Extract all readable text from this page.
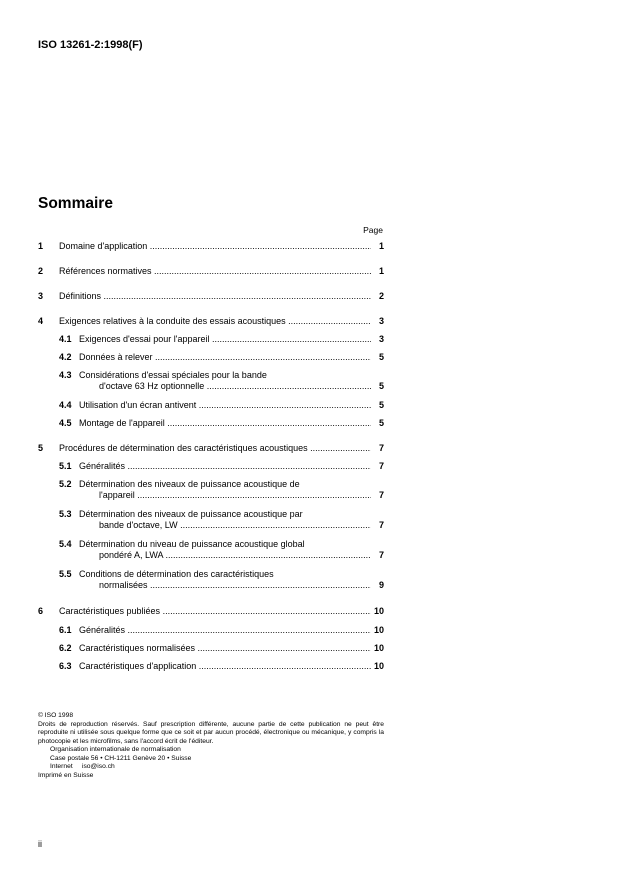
ISO 13261-2:1998(F)
Sommaire
Page
1 Domaine d'application .....	1
2 Références normatives .....	1
3 Définitions .....	2
4 Exigences relatives à la conduite des essais acoustiques .....	3
4.1 Exigences d'essai pour l'appareil .....	3
4.2 Données à relever .....	5
4.3 Considérations d'essai spéciales pour la bande
d'octave 63 Hz optionnelle .....	5
4.4 Utilisation d'un écran antivent .....	5
4.5 Montage de l'appareil .....	5
5 Procédures de détermination des caractéristiques acoustiques .....	7
5.1 Généralités .....	7
5.2 Détermination des niveaux de puissance acoustique de
l'appareil .....	7
5.3 Détermination des niveaux de puissance acoustique par
bande d'octave, LW .....	7
5.4 Détermination du niveau de puissance acoustique global
pondéré A, LWA .....	7
5.5 Conditions de détermination des caractéristiques
normalisées .....	9
6 Caractéristiques publiées .....	10
6.1 Généralités .....	10
6.2 Caractéristiques normalisées .....	10
6.3 Caractéristiques d'application .....	10

© ISO 1998

Droits de reproduction réservés. Sauf prescription différente, aucune partie de cette publication ne peut être reproduite ni utilisée sous quelque forme que ce soit et par aucun procédé, électronique ou mécanique, y compris la photocopie et les microfilms, sans l'accord écrit de l'éditeur.

Organisation internationale de normalisation

Case postale 56 • CH-1211 Genève 20 • Suisse

Internet     iso@iso.ch

Imprimé en Suisse

ii
